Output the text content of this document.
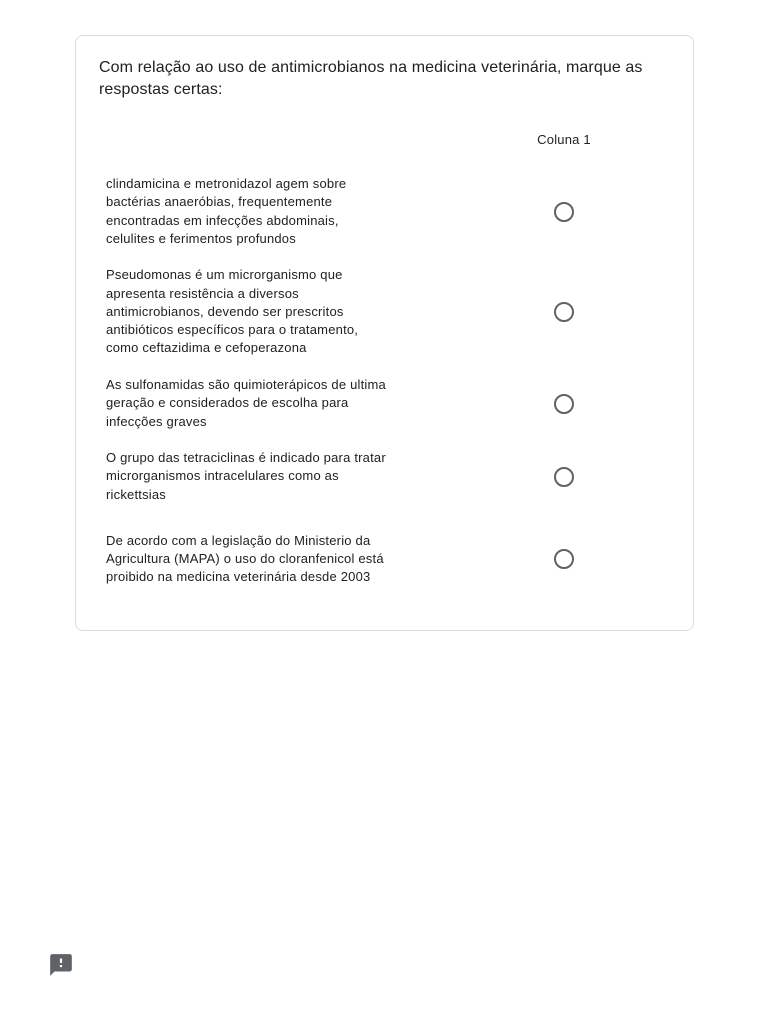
Com relação ao uso de antimicrobianos na medicina veterinária, marque as respostas certas:
Coluna 1
clindamicina e metronidazol agem sobre bactérias anaeróbias, frequentemente encontradas em infecções abdominais, celulites e ferimentos profundos
Pseudomonas é um microrganismo que apresenta resistência a diversos antimicrobianos, devendo ser prescritos antibióticos específicos para o tratamento, como ceftazidima e cefoperazona
As sulfonamidas são quimioterápicos de ultima geração e considerados de escolha para infecções graves
O grupo das tetraciclinas é indicado para tratar microrganismos intracelulares como as rickettsias
De acordo com a legislação do Ministerio da Agricultura (MAPA) o uso do cloranfenicol está proibido na medicina veterinária desde 2003
